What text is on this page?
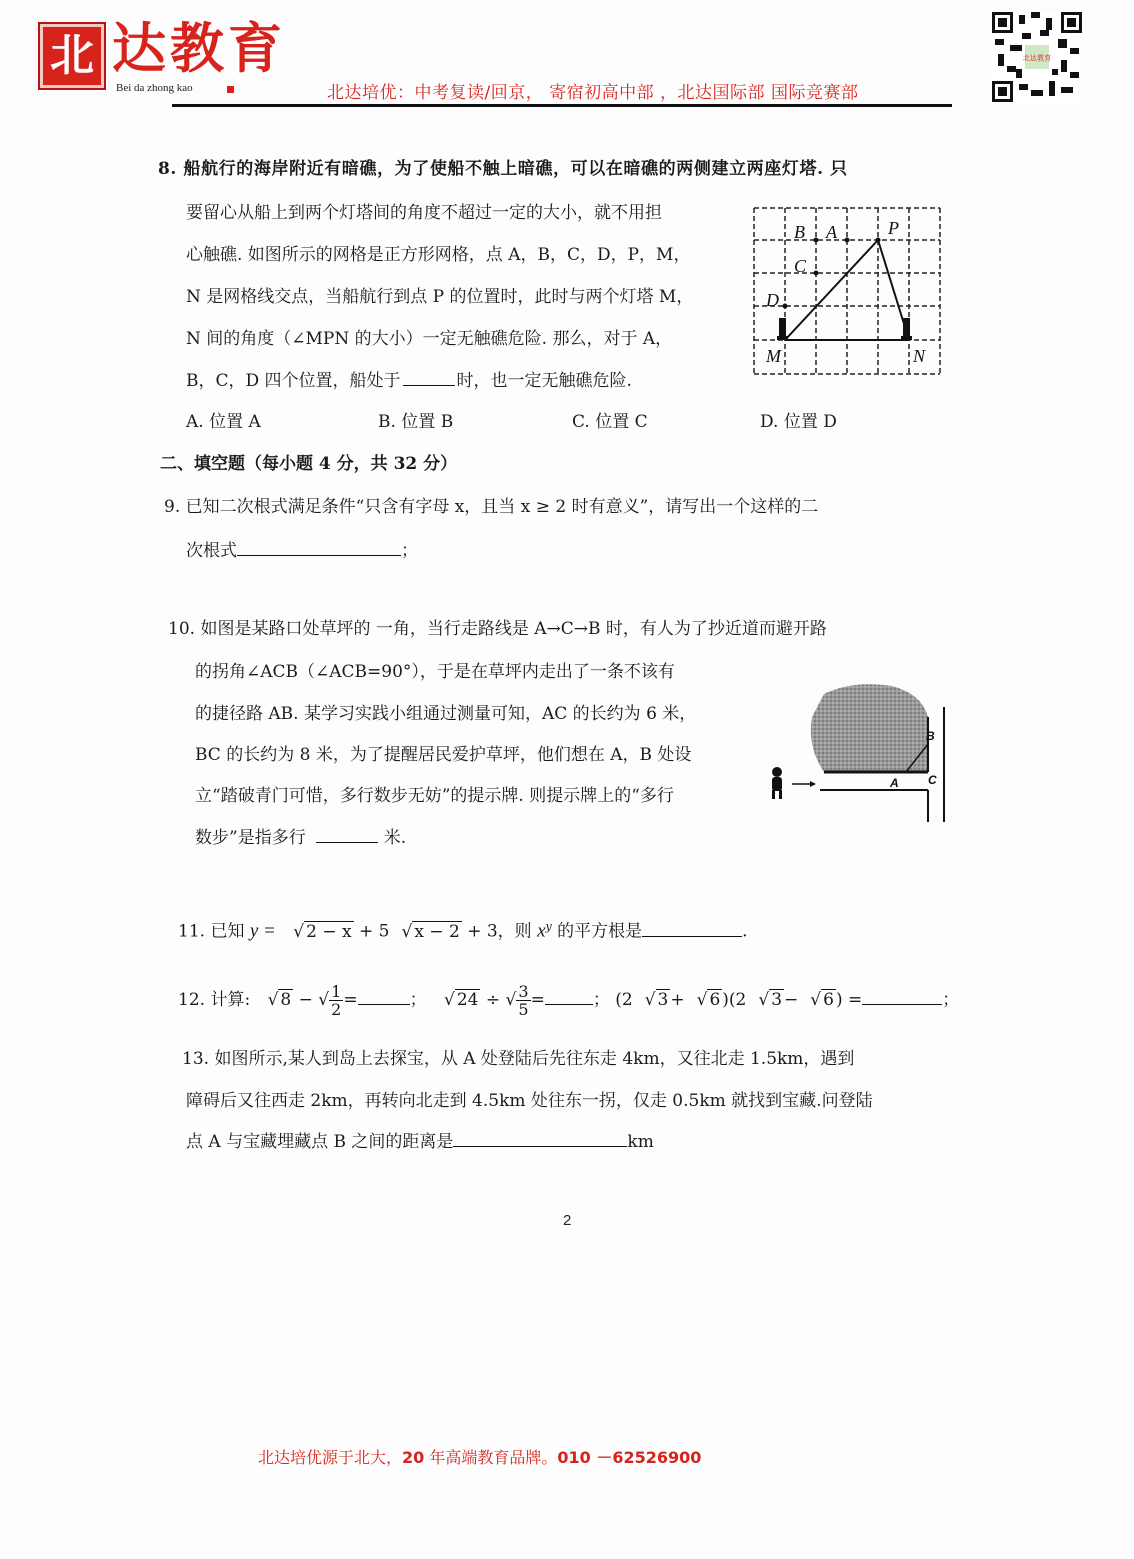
北 达教育
Bei da zhong kao	北达培优：中考复读/回京， 寄宿初高中部 ，北达国际部 国际竞赛部
北达教育
8. 船航行的海岸附近有暗礁，为了使船不触上暗礁，可以在暗礁的两侧建立两座灯塔. 只
要留心从船上到两个灯塔间的角度不超过一定的大小，就不用担
心触礁. 如图所示的网格是正方形网格，点 A，B，C，D，P，M，
N 是网格线交点，当船航行到点 P 的位置时，此时与两个灯塔 M，
N 间的角度（∠MPN 的大小）一定无触礁危险. 那么，对于 A，
B，C，D 四个位置，船处于	时，也一定无触礁危险.
A. 位置 A	B. 位置 B	C. 位置 C	D. 位置 D
B A
C
D
P
M	N
二、填空题（每小题 4 分，共 32 分）
9. 已知二次根式满足条件“只含有字母 x，且当 x ≥ 2 时有意义”，请写出一个这样的二
次根式	；
10. 如图是某路口处草坪的 一角，当行走路线是 A→C→B 时，有人为了抄近道而避开路
的拐角∠ACB（∠ACB=90°），于是在草坪内走出了一条不该有
的捷径路 AB. 某学习实践小组通过测量可知，AC 的长约为 6 米，
BC 的长约为 8 米，为了提醒居民爱护草坪，他们想在 A，B 处设
立“踏破青门可惜，多行数步无妨”的提示牌. 则提示牌上的“多行
数步”是指多行	米.
A
B
C
11. 已知 y = √ 2 − x + 5 √ x − 2 + 3，则 $x^y$ 的平方根是	.
12. 计算: √ 8 − √ $\frac{1}{2}$ =	； √ 24 ÷ √ $\frac{3}{5}$ =	； (2 √ 3 + √ 6 )(2 √ 3 − √ 6 ) =	；
13. 如图所示,某人到岛上去探宝，从 A 处登陆后先往东走 4km，又往北走 1.5km，遇到
障碍后又往西走 2km，再转向北走到 4.5km 处往东一拐，仅走 0.5km 就找到宝藏.问登陆
点 A 与宝藏埋藏点 B 之间的距离是	km
2
北达培优源于北大，20 年高端教育品牌。010 －62526900
